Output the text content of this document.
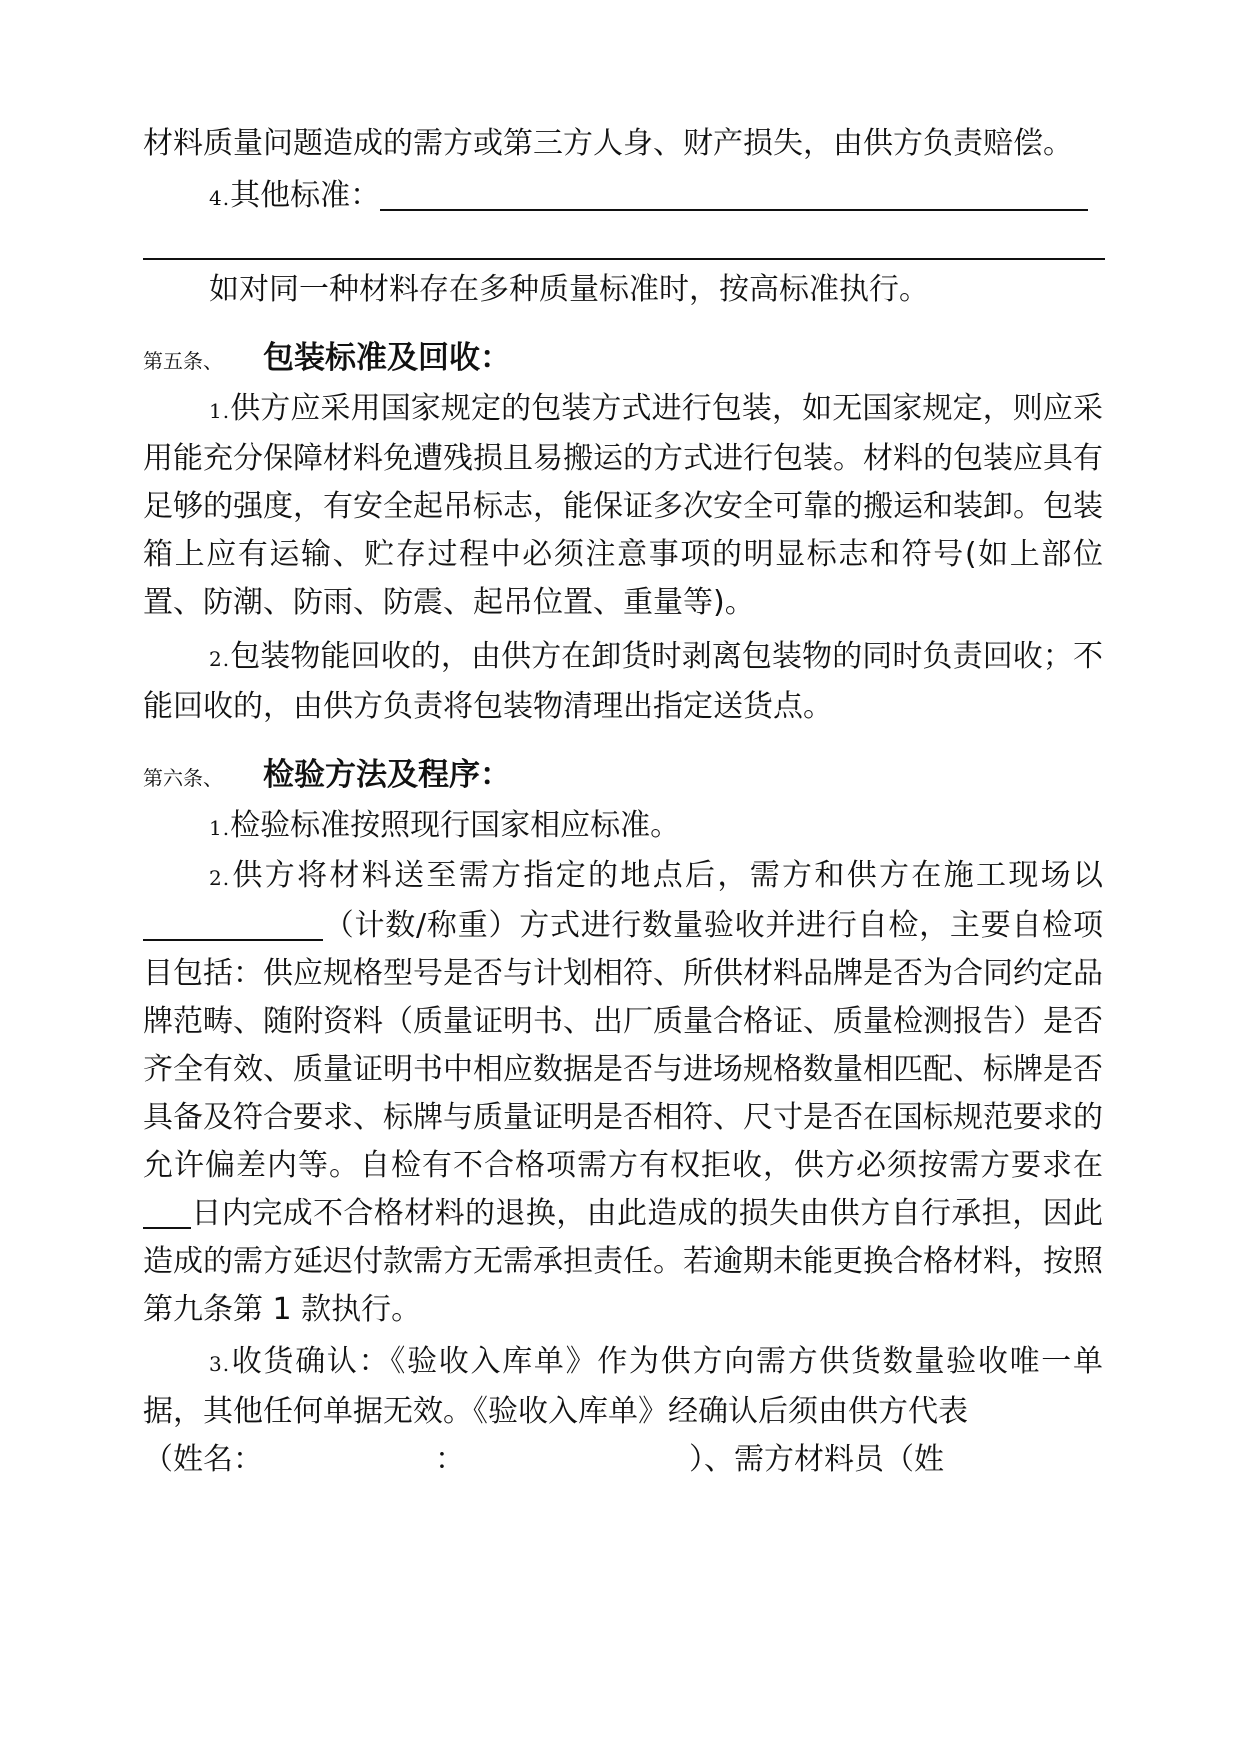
材料质量问题造成的需方或第三方人身、财产损失，由供方负责赔偿。

4.其他标准：

如对同一种材料存在多种质量标准时，按高标准执行。

第五条、 包装标准及回收：

1.供方应采用国家规定的包装方式进行包装，如无国家规定，则应采用能充分保障材料免遭残损且易搬运的方式进行包装。材料的包装应具有足够的强度，有安全起吊标志，能保证多次安全可靠的搬运和装卸。包装箱上应有运输、贮存过程中必须注意事项的明显标志和符号(如上部位置、防潮、防雨、防震、起吊位置、重量等)。

2.包装物能回收的，由供方在卸货时剥离包装物的同时负责回收；不能回收的，由供方负责将包装物清理出指定送货点。

第六条、 检验方法及程序：

1.检验标准按照现行国家相应标准。

2.供方将材料送至需方指定的地点后，需方和供方在施工现场以（计数/称重）方式进行数量验收并进行自检，主要自检项目包括：供应规格型号是否与计划相符、所供材料品牌是否为合同约定品牌范畴、随附资料（质量证明书、出厂质量合格证、质量检测报告）是否齐全有效、质量证明书中相应数据是否与进场规格数量相匹配、标牌是否具备及符合要求、标牌与质量证明是否相符、尺寸是否在国标规范要求的允许偏差内等。自检有不合格项需方有权拒收，供方必须按需方要求在日内完成不合格材料的退换，由此造成的损失由供方自行承担，因此造成的需方延迟付款需方无需承担责任。若逾期未能更换合格材料，按照第九条第 1 款执行。

3.收货确认：《验收入库单》作为供方向需方供货数量验收唯一单据，其他任何单据无效。《验收入库单》经确认后须由供方代表

（姓名：	：	）、需方材料员（姓
